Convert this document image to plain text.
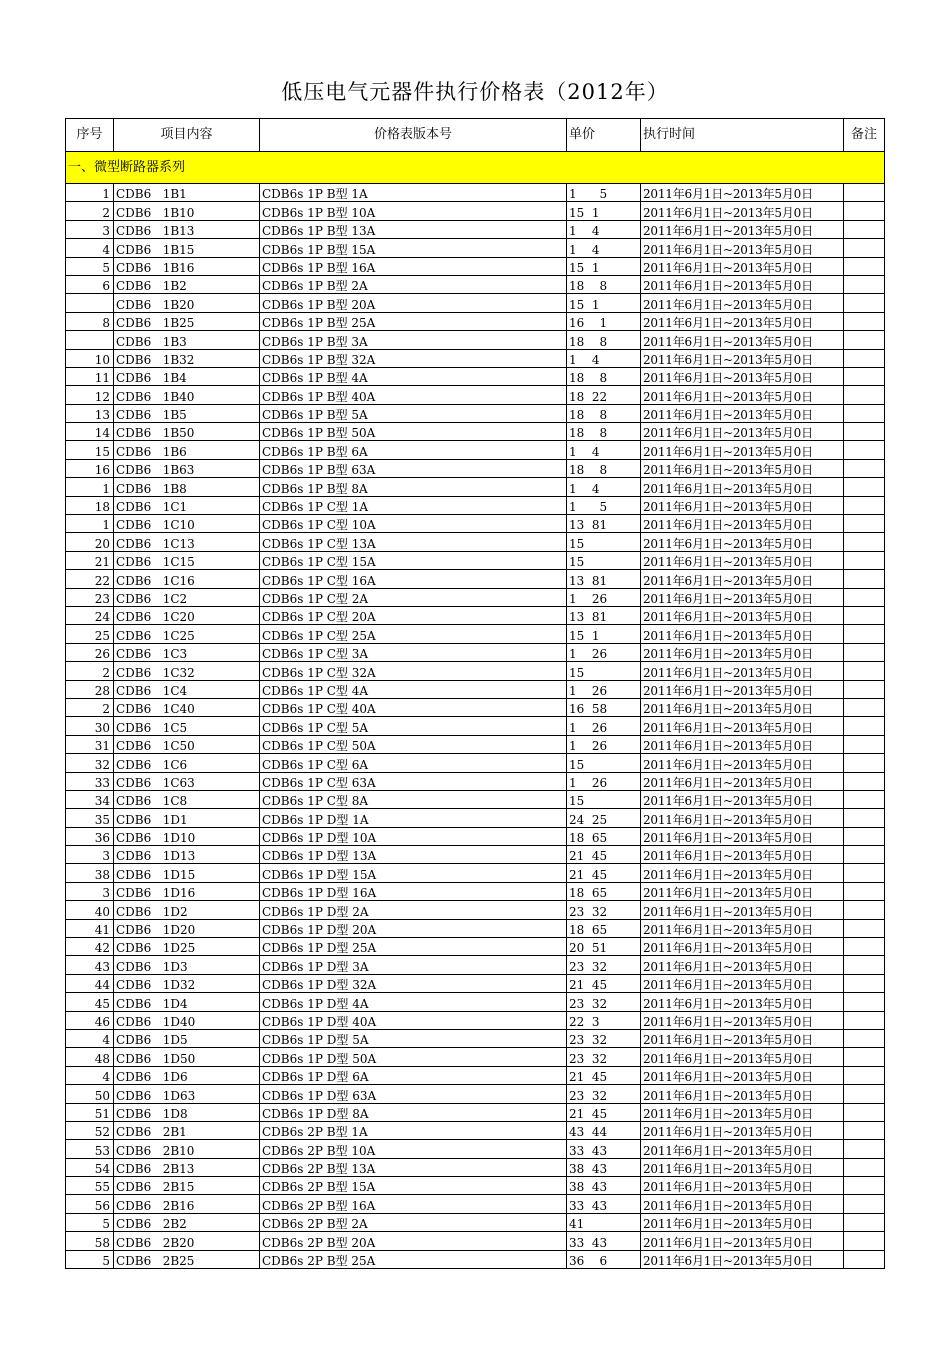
低压电气元器件执行价格表（2012年）
序号	项目内容	价格表版本号	单价	执行时间	备注
一、微型断路器系列					
1	CDB6   1B1	CDB6s 1P B型 1A	1      5	2011年6月1日~2013年5月0日	
2	CDB6   1B10	CDB6s 1P B型 10A	15  1	2011年6月1日~2013年5月0日	
3	CDB6   1B13	CDB6s 1P B型 13A	1    4	2011年6月1日~2013年5月0日	
4	CDB6   1B15	CDB6s 1P B型 15A	1    4	2011年6月1日~2013年5月0日	
5	CDB6   1B16	CDB6s 1P B型 16A	15  1	2011年6月1日~2013年5月0日	
6	CDB6   1B2	CDB6s 1P B型 2A	18    8	2011年6月1日~2013年5月0日	
	CDB6   1B20	CDB6s 1P B型 20A	15  1	2011年6月1日~2013年5月0日	
8	CDB6   1B25	CDB6s 1P B型 25A	16    1	2011年6月1日~2013年5月0日	
	CDB6   1B3	CDB6s 1P B型 3A	18    8	2011年6月1日~2013年5月0日	
10	CDB6   1B32	CDB6s 1P B型 32A	1    4	2011年6月1日~2013年5月0日	
11	CDB6   1B4	CDB6s 1P B型 4A	18    8	2011年6月1日~2013年5月0日	
12	CDB6   1B40	CDB6s 1P B型 40A	18  22	2011年6月1日~2013年5月0日	
13	CDB6   1B5	CDB6s 1P B型 5A	18    8	2011年6月1日~2013年5月0日	
14	CDB6   1B50	CDB6s 1P B型 50A	18    8	2011年6月1日~2013年5月0日	
15	CDB6   1B6	CDB6s 1P B型 6A	1    4	2011年6月1日~2013年5月0日	
16	CDB6   1B63	CDB6s 1P B型 63A	18    8	2011年6月1日~2013年5月0日	
1	CDB6   1B8	CDB6s 1P B型 8A	1    4	2011年6月1日~2013年5月0日	
18	CDB6   1C1	CDB6s 1P C型 1A	1      5	2011年6月1日~2013年5月0日	
1	CDB6   1C10	CDB6s 1P C型 10A	13  81	2011年6月1日~2013年5月0日	
20	CDB6   1C13	CDB6s 1P C型 13A	15	2011年6月1日~2013年5月0日	
21	CDB6   1C15	CDB6s 1P C型 15A	15	2011年6月1日~2013年5月0日	
22	CDB6   1C16	CDB6s 1P C型 16A	13  81	2011年6月1日~2013年5月0日	
23	CDB6   1C2	CDB6s 1P C型 2A	1    26	2011年6月1日~2013年5月0日	
24	CDB6   1C20	CDB6s 1P C型 20A	13  81	2011年6月1日~2013年5月0日	
25	CDB6   1C25	CDB6s 1P C型 25A	15  1	2011年6月1日~2013年5月0日	
26	CDB6   1C3	CDB6s 1P C型 3A	1    26	2011年6月1日~2013年5月0日	
2	CDB6   1C32	CDB6s 1P C型 32A	15	2011年6月1日~2013年5月0日	
28	CDB6   1C4	CDB6s 1P C型 4A	1    26	2011年6月1日~2013年5月0日	
2	CDB6   1C40	CDB6s 1P C型 40A	16  58	2011年6月1日~2013年5月0日	
30	CDB6   1C5	CDB6s 1P C型 5A	1    26	2011年6月1日~2013年5月0日	
31	CDB6   1C50	CDB6s 1P C型 50A	1    26	2011年6月1日~2013年5月0日	
32	CDB6   1C6	CDB6s 1P C型 6A	15	2011年6月1日~2013年5月0日	
33	CDB6   1C63	CDB6s 1P C型 63A	1    26	2011年6月1日~2013年5月0日	
34	CDB6   1C8	CDB6s 1P C型 8A	15	2011年6月1日~2013年5月0日	
35	CDB6   1D1	CDB6s 1P D型 1A	24  25	2011年6月1日~2013年5月0日	
36	CDB6   1D10	CDB6s 1P D型 10A	18  65	2011年6月1日~2013年5月0日	
3	CDB6   1D13	CDB6s 1P D型 13A	21  45	2011年6月1日~2013年5月0日	
38	CDB6   1D15	CDB6s 1P D型 15A	21  45	2011年6月1日~2013年5月0日	
3	CDB6   1D16	CDB6s 1P D型 16A	18  65	2011年6月1日~2013年5月0日	
40	CDB6   1D2	CDB6s 1P D型 2A	23  32	2011年6月1日~2013年5月0日	
41	CDB6   1D20	CDB6s 1P D型 20A	18  65	2011年6月1日~2013年5月0日	
42	CDB6   1D25	CDB6s 1P D型 25A	20  51	2011年6月1日~2013年5月0日	
43	CDB6   1D3	CDB6s 1P D型 3A	23  32	2011年6月1日~2013年5月0日	
44	CDB6   1D32	CDB6s 1P D型 32A	21  45	2011年6月1日~2013年5月0日	
45	CDB6   1D4	CDB6s 1P D型 4A	23  32	2011年6月1日~2013年5月0日	
46	CDB6   1D40	CDB6s 1P D型 40A	22  3	2011年6月1日~2013年5月0日	
4	CDB6   1D5	CDB6s 1P D型 5A	23  32	2011年6月1日~2013年5月0日	
48	CDB6   1D50	CDB6s 1P D型 50A	23  32	2011年6月1日~2013年5月0日	
4	CDB6   1D6	CDB6s 1P D型 6A	21  45	2011年6月1日~2013年5月0日	
50	CDB6   1D63	CDB6s 1P D型 63A	23  32	2011年6月1日~2013年5月0日	
51	CDB6   1D8	CDB6s 1P D型 8A	21  45	2011年6月1日~2013年5月0日	
52	CDB6   2B1	CDB6s 2P B型 1A	43  44	2011年6月1日~2013年5月0日	
53	CDB6   2B10	CDB6s 2P B型 10A	33  43	2011年6月1日~2013年5月0日	
54	CDB6   2B13	CDB6s 2P B型 13A	38  43	2011年6月1日~2013年5月0日	
55	CDB6   2B15	CDB6s 2P B型 15A	38  43	2011年6月1日~2013年5月0日	
56	CDB6   2B16	CDB6s 2P B型 16A	33  43	2011年6月1日~2013年5月0日	
5	CDB6   2B2	CDB6s 2P B型 2A	41	2011年6月1日~2013年5月0日	
58	CDB6   2B20	CDB6s 2P B型 20A	33  43	2011年6月1日~2013年5月0日	
5	CDB6   2B25	CDB6s 2P B型 25A	36    6	2011年6月1日~2013年5月0日	
